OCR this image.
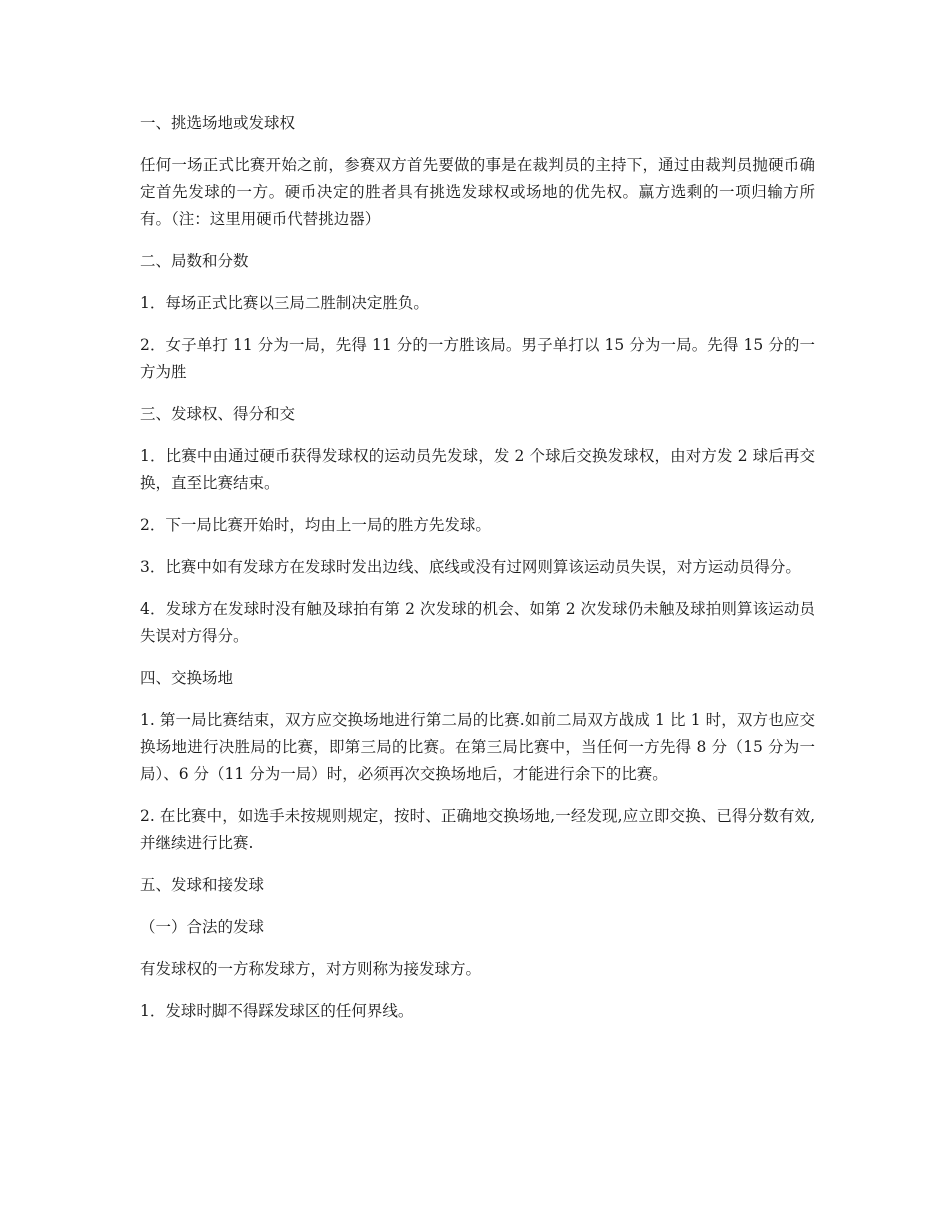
一、挑选场地或发球权

任何一场正式比赛开始之前，参赛双方首先要做的事是在裁判员的主持下，通过由裁判员抛硬币确定首先发球的一方。硬币决定的胜者具有挑选发球权或场地的优先权。赢方选剩的一项归输方所有。（注：这里用硬币代替挑边器）

二、局数和分数

1．每场正式比赛以三局二胜制决定胜负。

2．女子单打 11 分为一局，先得 11 分的一方胜该局。男子单打以 15 分为一局。先得 15 分的一方为胜

三、发球权、得分和交

1．比赛中由通过硬币获得发球权的运动员先发球，发 2 个球后交换发球权，由对方发 2 球后再交换，直至比赛结束。

2．下一局比赛开始时，均由上一局的胜方先发球。

3．比赛中如有发球方在发球时发出边线、底线或没有过网则算该运动员失误，对方运动员得分。

4．发球方在发球时没有触及球拍有第 2 次发球的机会、如第 2 次发球仍未触及球拍则算该运动员失误对方得分。

四、交换场地

1. 第一局比赛结束，双方应交换场地进行第二局的比赛.如前二局双方战成 1 比 1 时，双方也应交换场地进行决胜局的比赛，即第三局的比赛。在第三局比赛中，当任何一方先得 8 分（15 分为一局）、6 分（11 分为一局）时，必须再次交换场地后，才能进行余下的比赛。

2. 在比赛中，如选手未按规则规定，按时、正确地交换场地,一经发现,应立即交换、已得分数有效,并继续进行比赛.

五、发球和接发球

（一）合法的发球

有发球权的一方称发球方，对方则称为接发球方。

1．发球时脚不得踩发球区的任何界线。
